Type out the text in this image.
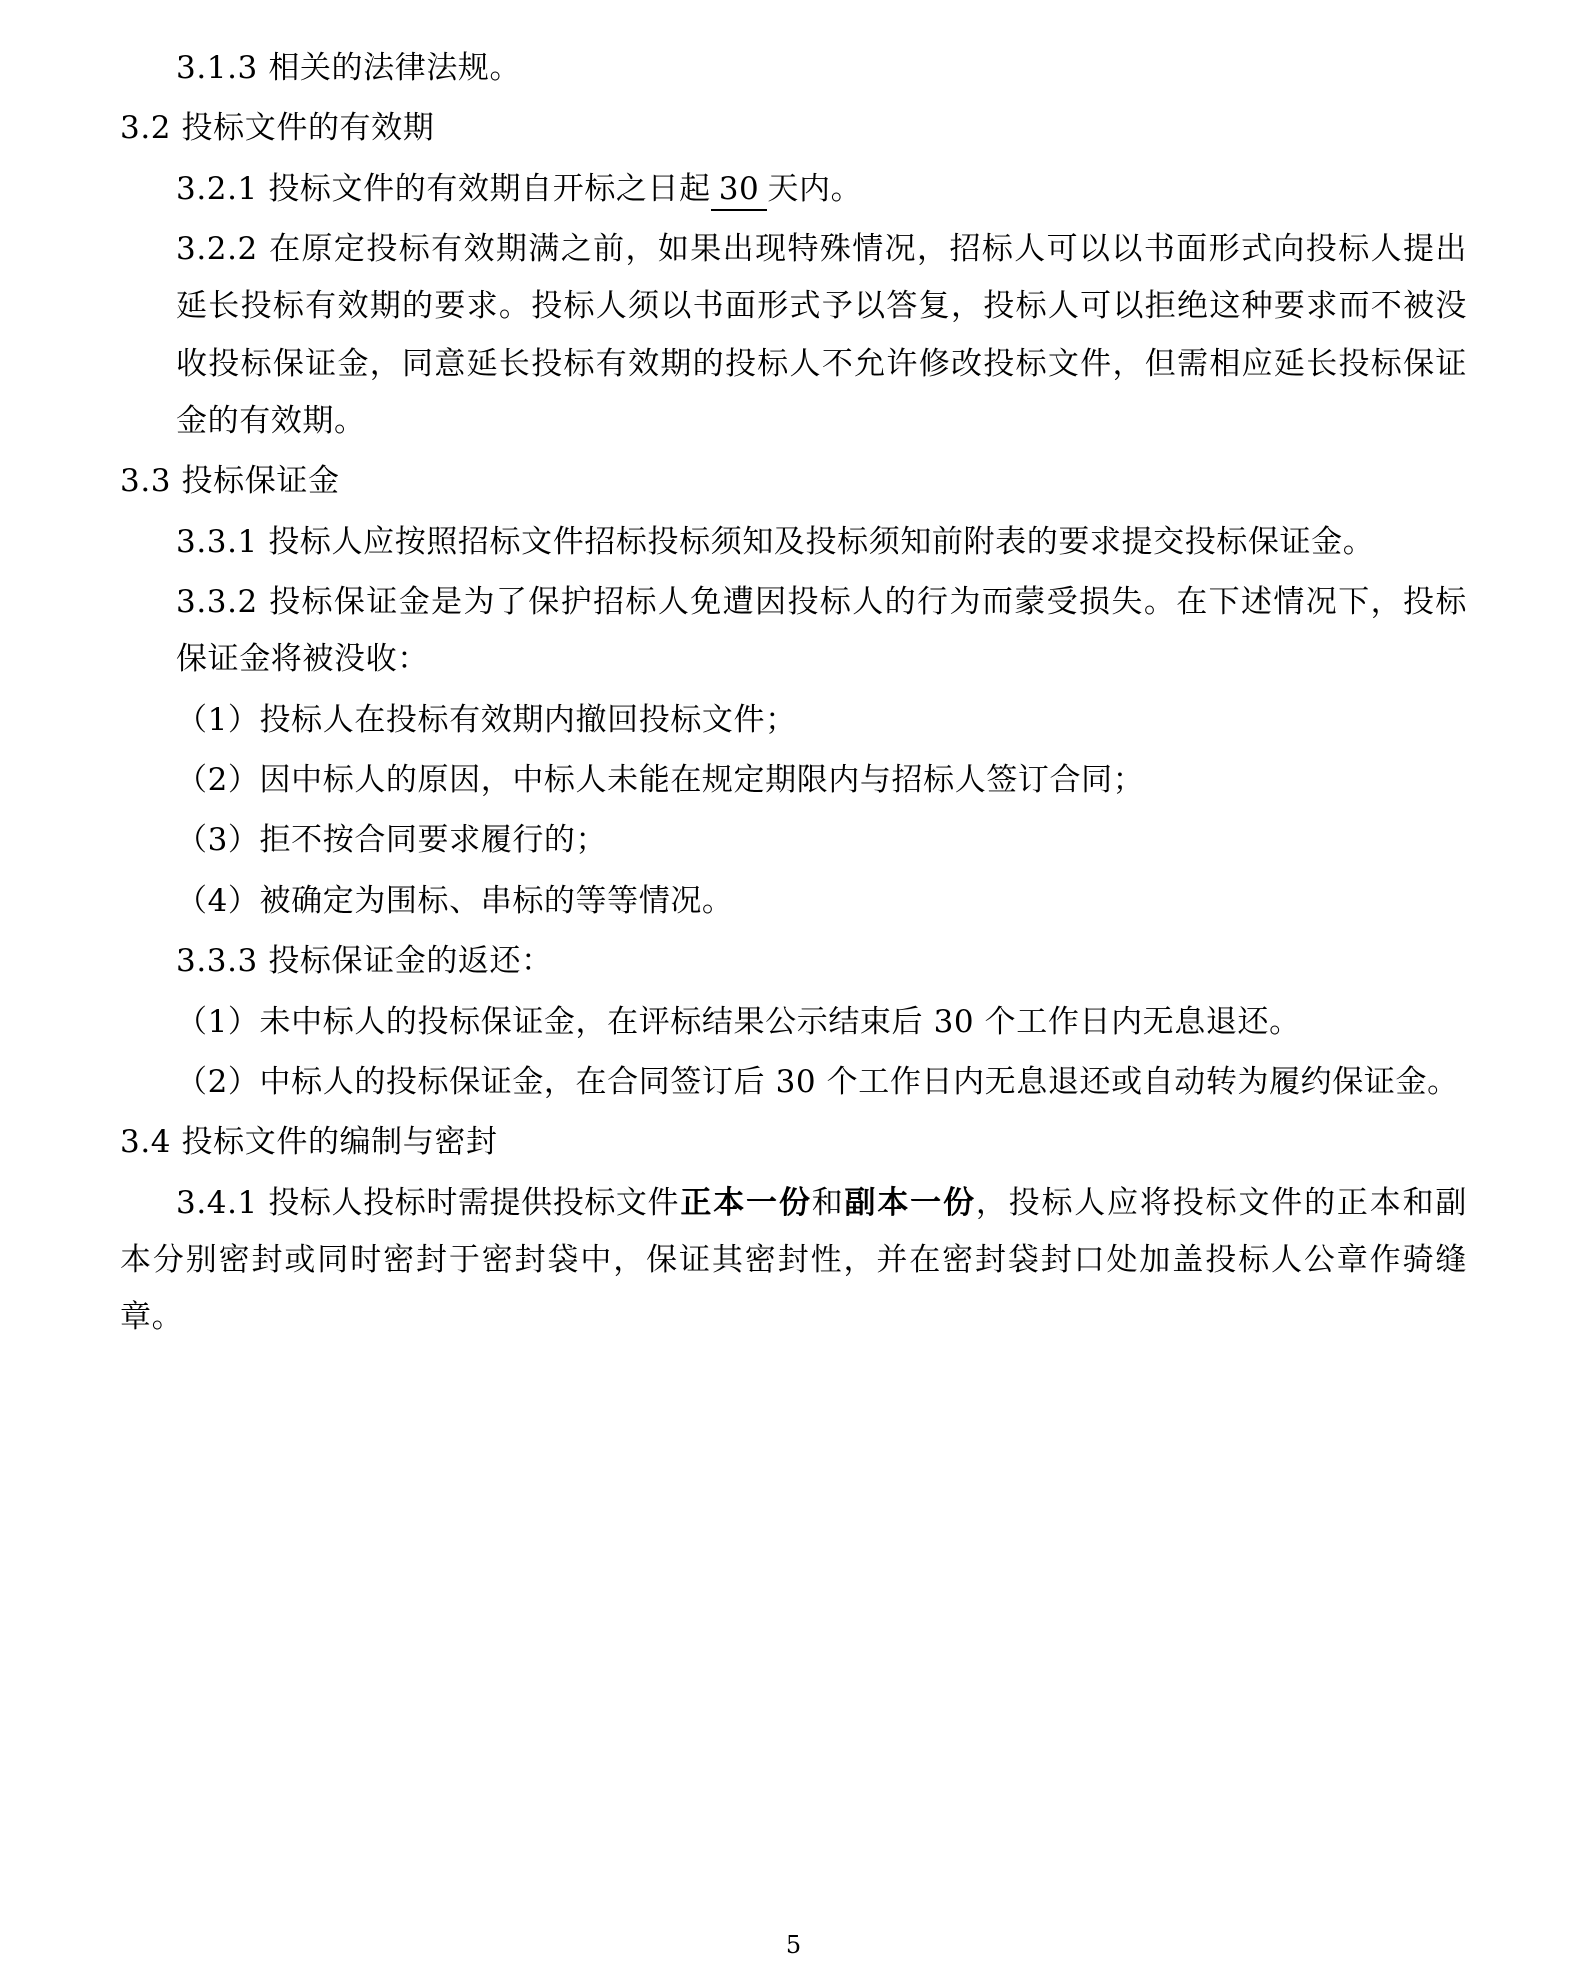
3.1.3 相关的法律法规。

3.2 投标文件的有效期

3.2.1 投标文件的有效期自开标之日起 30 天内。

3.2.2 在原定投标有效期满之前，如果出现特殊情况，招标人可以以书面形式向投标人提出延长投标有效期的要求。投标人须以书面形式予以答复，投标人可以拒绝这种要求而不被没收投标保证金，同意延长投标有效期的投标人不允许修改投标文件，但需相应延长投标保证金的有效期。

3.3 投标保证金

3.3.1 投标人应按照招标文件招标投标须知及投标须知前附表的要求提交投标保证金。

3.3.2 投标保证金是为了保护招标人免遭因投标人的行为而蒙受损失。在下述情况下，投标保证金将被没收：

（1）投标人在投标有效期内撤回投标文件；

（2）因中标人的原因，中标人未能在规定期限内与招标人签订合同；

（3）拒不按合同要求履行的；

（4）被确定为围标、串标的等等情况。

3.3.3 投标保证金的返还：

（1）未中标人的投标保证金，在评标结果公示结束后 30 个工作日内无息退还。

（2）中标人的投标保证金，在合同签订后 30 个工作日内无息退还或自动转为履约保证金。

3.4 投标文件的编制与密封

3.4.1 投标人投标时需提供投标文件正本一份和副本一份，投标人应将投标文件的正本和副本分别密封或同时密封于密封袋中，保证其密封性，并在密封袋封口处加盖投标人公章作骑缝章。

5
